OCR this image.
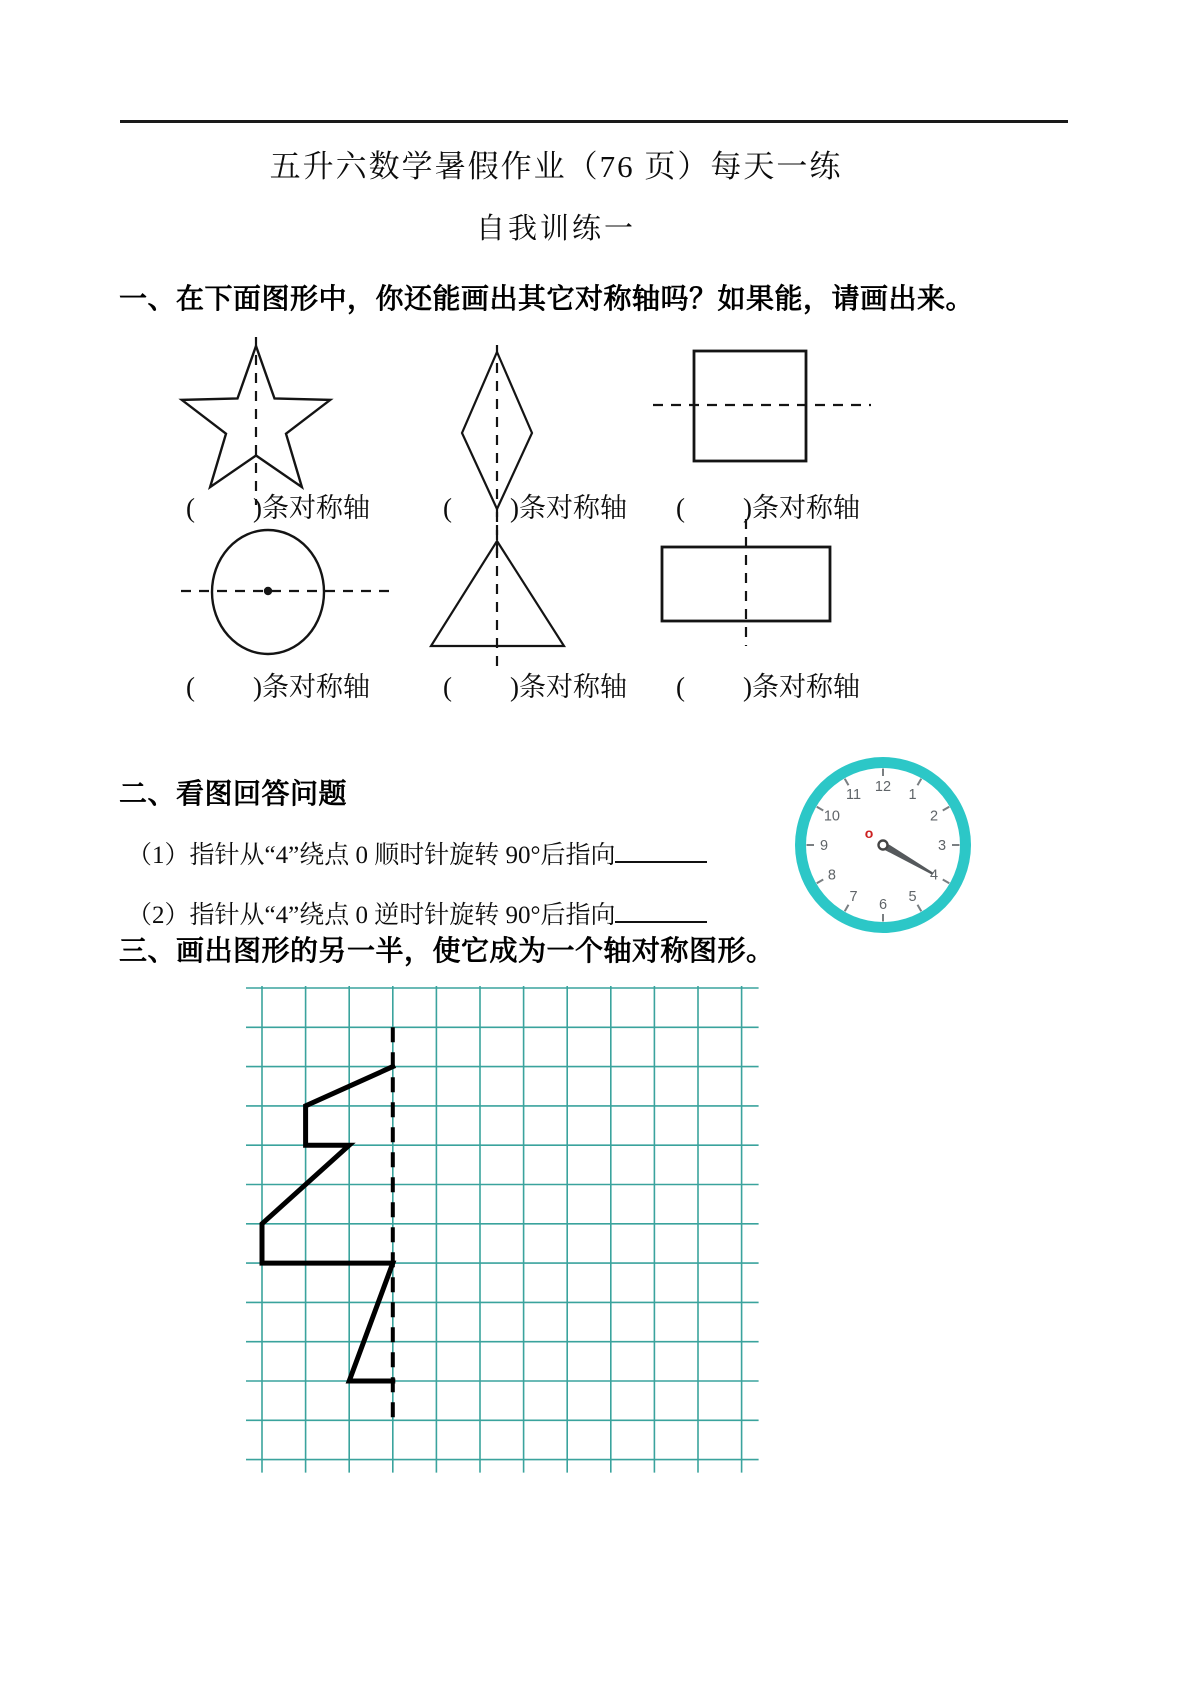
五升六数学暑假作业（76 页）每天一练
自我训练一
一、在下面图形中，你还能画出其它对称轴吗？如果能，请画出来。
二、看图回答问题
三、画出图形的另一半，使它成为一个轴对称图形。
（1）指针从“4”绕点 0 顺时针旋转 90°后指向
（2）指针从“4”绕点 0 逆时针旋转 90°后指向
( )条对称轴	( )条对称轴 ( )条对称轴
( )条对称轴	( )条对称轴 ( )条对称轴
1
2
3
4
5
6
7
8
9
10
11 12
o
